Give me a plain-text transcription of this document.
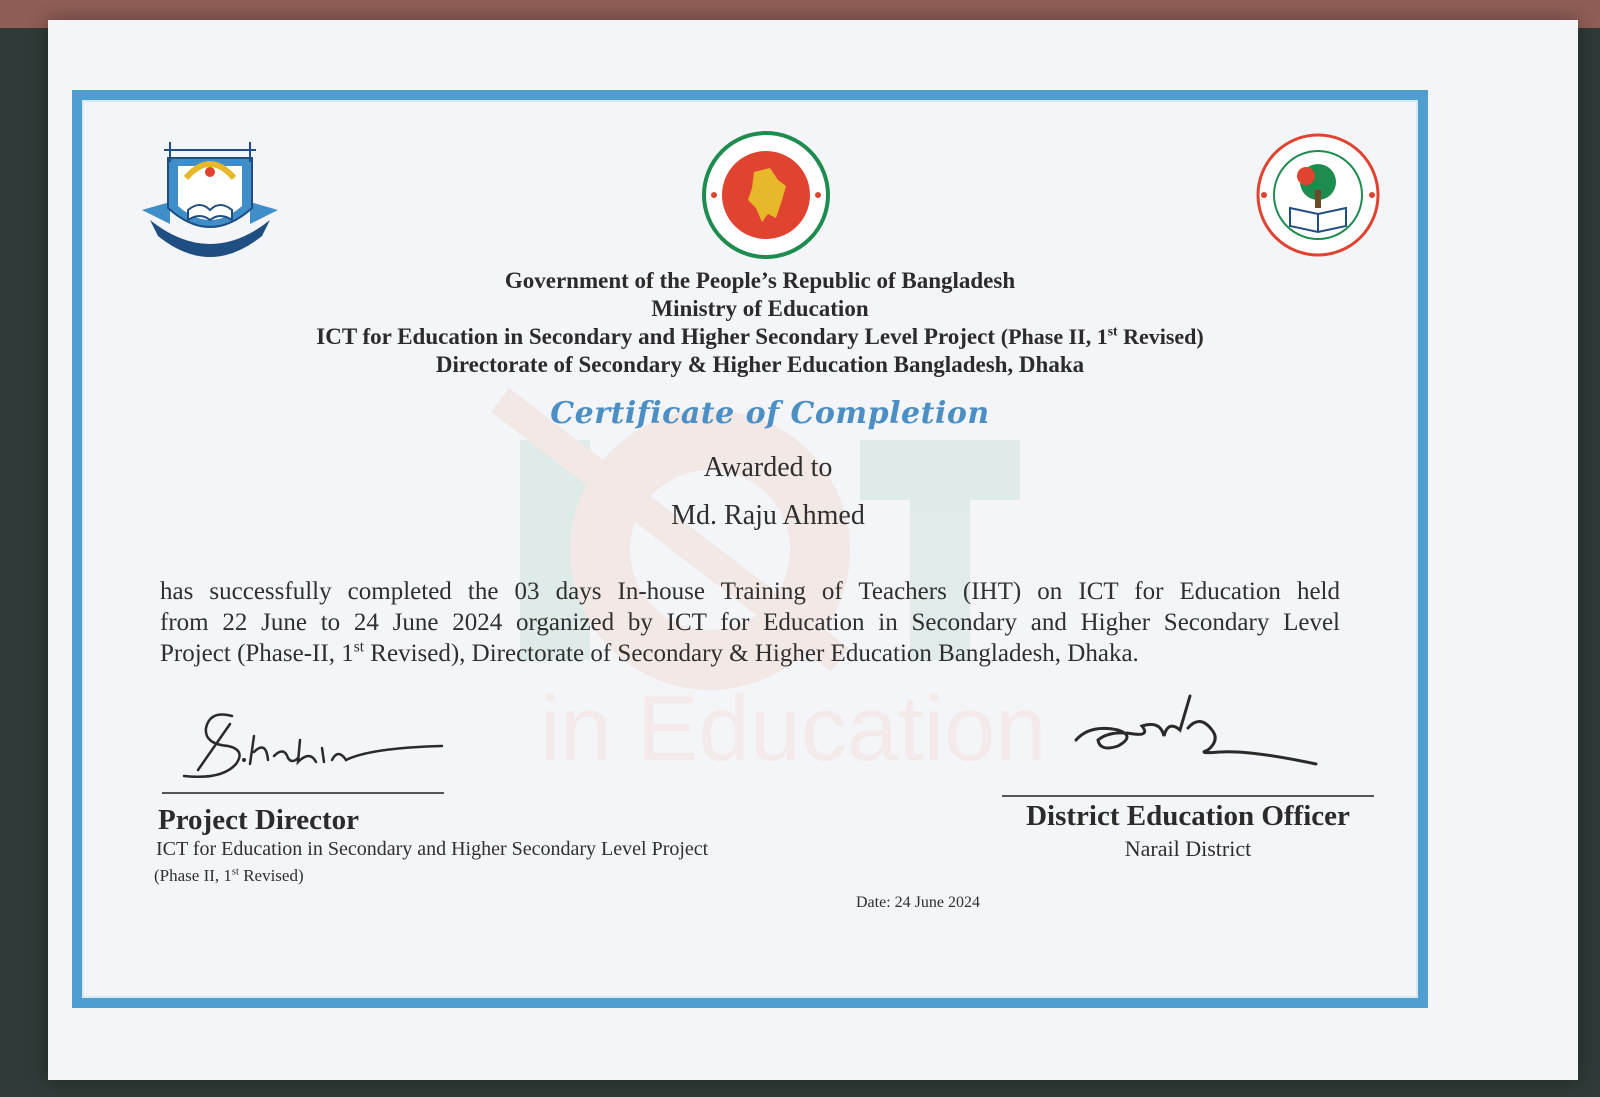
in Education
Government of the People’s Republic of Bangladesh
Ministry of Education
ICT for Education in Secondary and Higher Secondary Level Project (Phase II, 1st Revised)
Directorate of Secondary & Higher Education Bangladesh, Dhaka
Certificate of Completion
Awarded to
Md. Raju Ahmed
has successfully completed the 03 days In-house Training of Teachers (IHT) on ICT for Education held
from 22 June to 24 June 2024 organized by ICT for Education in Secondary and Higher Secondary Level
Project (Phase-II, 1st Revised), Directorate of Secondary & Higher Education Bangladesh, Dhaka.
Project Director
ICT for Education in Secondary and Higher Secondary Level Project
(Phase II, 1st Revised)
District Education Officer
Narail District
Date: 24 June 2024
